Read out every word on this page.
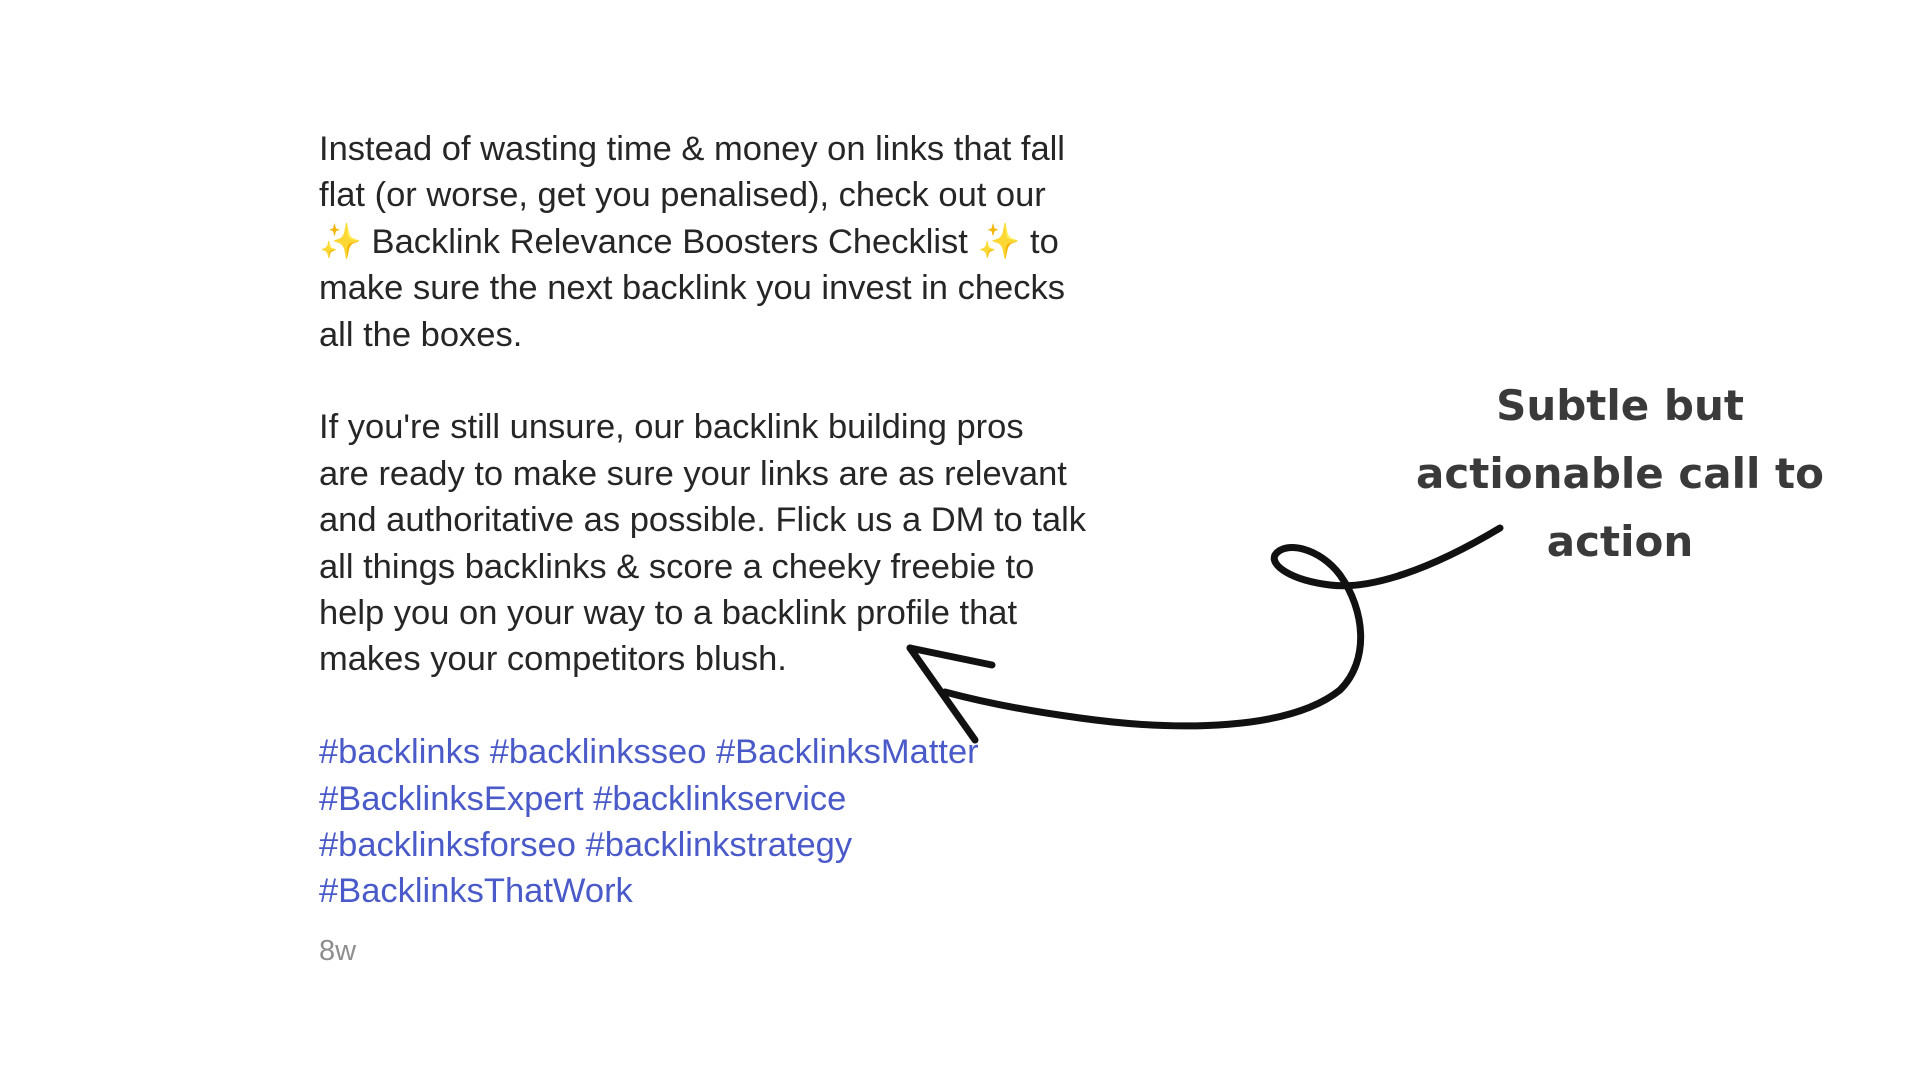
Instead of wasting time & money on links that fall
flat (or worse, get you penalised), check out our
✨ Backlink Relevance Boosters Checklist ✨ to
make sure the next backlink you invest in checks
all the boxes.
If you're still unsure, our backlink building pros
are ready to make sure your links are as relevant
and authoritative as possible. Flick us a DM to talk
all things backlinks & score a cheeky freebie to
help you on your way to a backlink profile that
makes your competitors blush.
#backlinks #backlinksseo #BacklinksMatter
#BacklinksExpert #backlinkservice
#backlinksforseo #backlinkstrategy
#BacklinksThatWork
8w
Subtle but
actionable call to
action
